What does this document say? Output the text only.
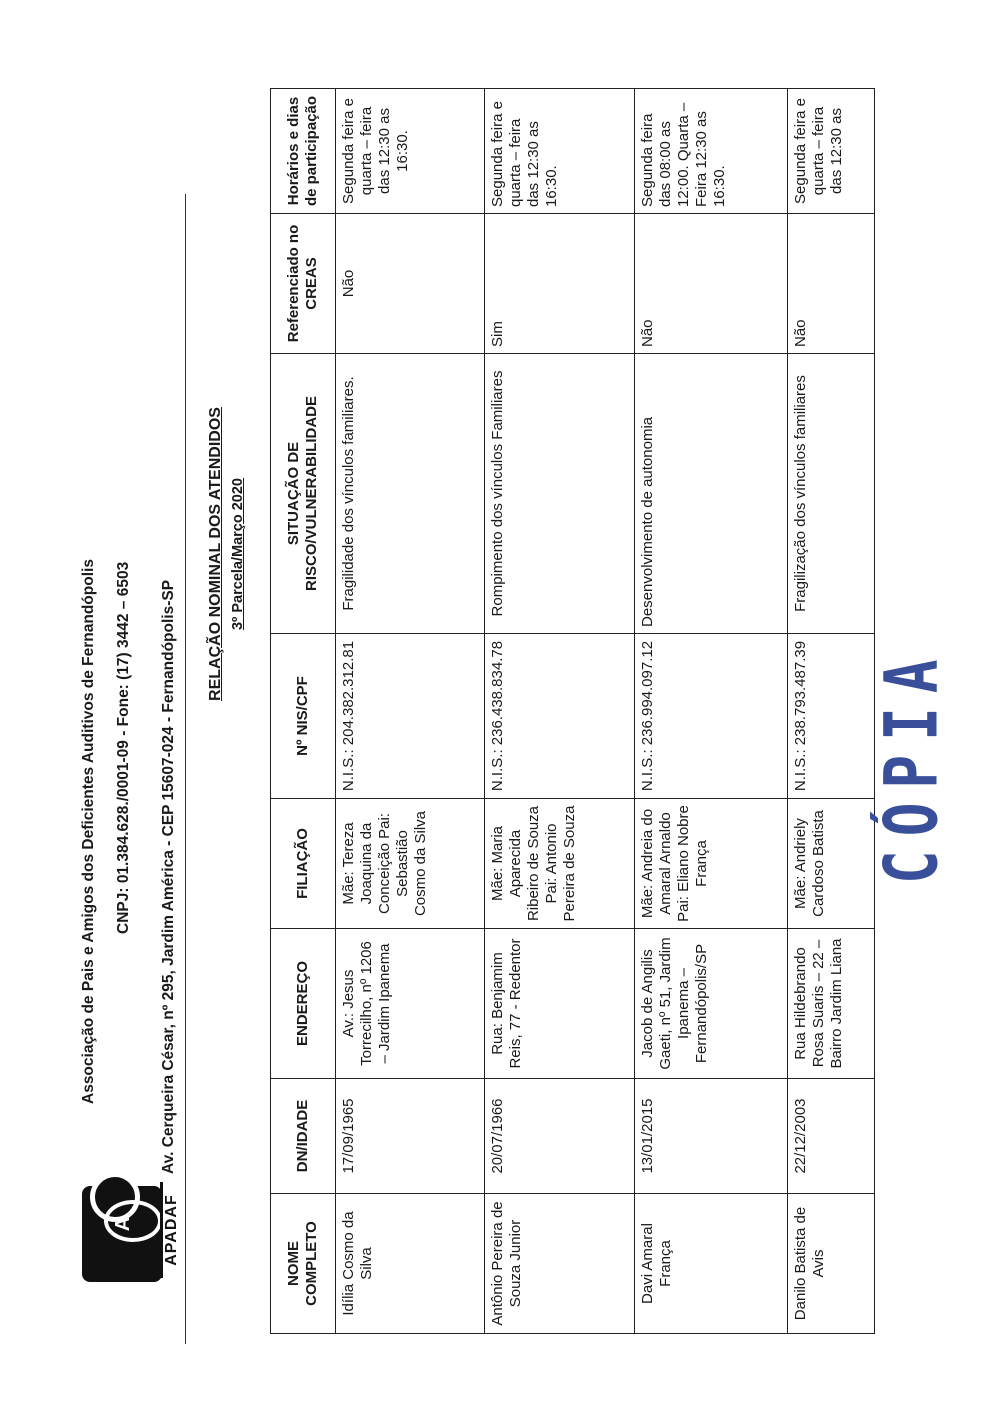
A APADAF
Associação de Pais e Amigos dos Deficientes Auditivos de Fernandópolis CNPJ: 01.384.628./0001-09 - Fone: (17) 3442 – 6503 Av. Cerqueira César, nº 295, Jardim América - CEP 15607-024 - Fernandópolis-SP
RELAÇÃO NOMINAL DOS ATENDIDOS 3º Parcela/Março 2020
NOME COMPLETO	DN/IDADE	ENDEREÇO	FILIAÇÃO	Nº NIS/CPF	SITUAÇÃO DE RISCO/VULNERABILIDADE	Referenciado no CREAS	Horários e dias de participação
Idília Cosmo da Silva	17/09/1965	Av.: Jesus Torrecilho, nº 1206 – Jardim Ipanema	Mãe: Tereza Joaquina da Conceição Pai: Sebastião Cosmo da Silva	N.I.S.: 204.382.312.81	Fragilidade dos vínculos familiares.	Não	Segunda feira e quarta – feira das 12:30 as 16:30.
Antônio Pereira de Souza Junior	20/07/1966	Rua: Benjamim Reis, 77 - Redentor	Mãe: Maria Aparecida Ribeiro de Souza Pai: Antonio Pereira de Souza	N.I.S.: 236.438.834.78	Rompimento dos vínculos Familiares	Sim	Segunda feira e quarta – feira das 12:30 as 16:30.
Davi Amaral França	13/01/2015	Jacob de Angilis Gaeti, nº 51, Jardim Ipanema – Fernandópolis/SP	Mãe: Andreia do Amaral Arnaldo Pai: Eliano Nobre França	N.I.S.: 236.994.097.12	Desenvolvimento de autonomia	Não	Segunda feira das 08:00 as 12:00. Quarta – Feira 12:30 as 16:30.
Danilo Batista de Avis	22/12/2003	Rua Hildebrando Rosa Suaris – 22 – Bairro Jardim Liana	Mãe: Andriely Cardoso Batista	N.I.S.: 238.793.487.39	Fragilização dos vínculos familiares	Não	Segunda feira e quarta – feira das 12:30 as
CÓPIA
